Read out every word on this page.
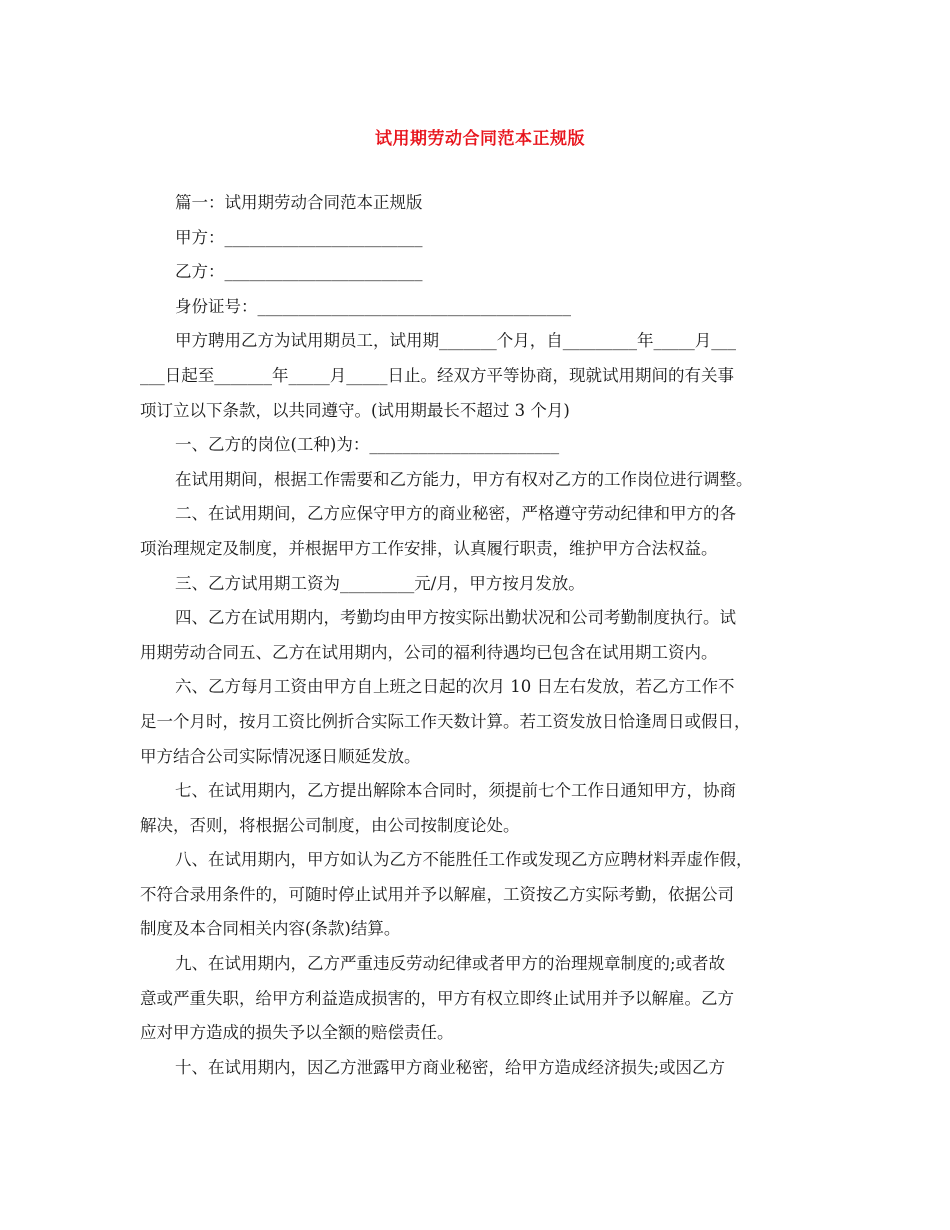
试用期劳动合同范本正规版
篇一：试用期劳动合同范本正规版
甲方：________________________
乙方：________________________
身份证号：______________________________________
甲方聘用乙方为试用期员工，试用期_______个月，自_________年_____月___
___日起至_______年_____月_____日止。经双方平等协商，现就试用期间的有关事
项订立以下条款，以共同遵守。(试用期最长不超过 3 个月)
一、乙方的岗位(工种)为：_______________________
在试用期间，根据工作需要和乙方能力，甲方有权对乙方的工作岗位进行调整。
二、在试用期间，乙方应保守甲方的商业秘密，严格遵守劳动纪律和甲方的各
项治理规定及制度，并根据甲方工作安排，认真履行职责，维护甲方合法权益。
三、乙方试用期工资为_________元/月，甲方按月发放。
四、乙方在试用期内，考勤均由甲方按实际出勤状况和公司考勤制度执行。试
用期劳动合同五、乙方在试用期内，公司的福利待遇均已包含在试用期工资内。
六、乙方每月工资由甲方自上班之日起的次月 10 日左右发放，若乙方工作不
足一个月时，按月工资比例折合实际工作天数计算。若工资发放日恰逢周日或假日，
甲方结合公司实际情况逐日顺延发放。
七、在试用期内，乙方提出解除本合同时，须提前七个工作日通知甲方，协商
解决，否则，将根据公司制度，由公司按制度论处。
八、在试用期内，甲方如认为乙方不能胜任工作或发现乙方应聘材料弄虚作假，
不符合录用条件的，可随时停止试用并予以解雇，工资按乙方实际考勤，依据公司
制度及本合同相关内容(条款)结算。
九、在试用期内，乙方严重违反劳动纪律或者甲方的治理规章制度的;或者故
意或严重失职，给甲方利益造成损害的，甲方有权立即终止试用并予以解雇。乙方
应对甲方造成的损失予以全额的赔偿责任。
十、在试用期内，因乙方泄露甲方商业秘密，给甲方造成经济损失;或因乙方
